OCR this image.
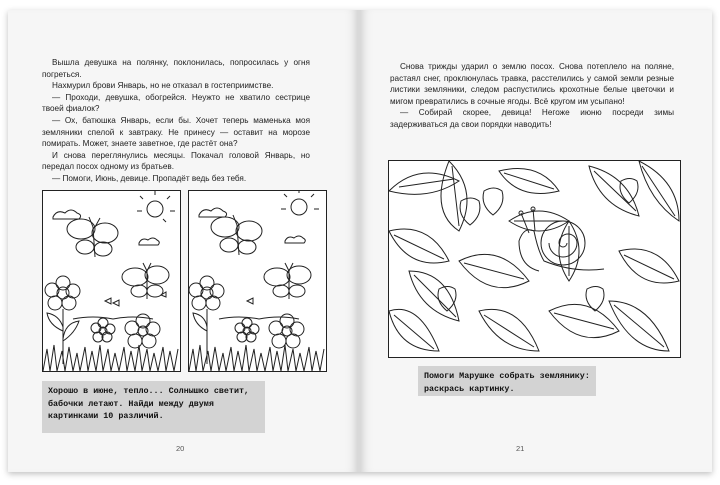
Вышла девушка на полянку, поклонилась, попросилась у огня погреться.

Нахмурил брови Январь, но не отказал в гостеприимстве.

— Проходи, девушка, обогрейся. Неужто не хватило сестрице твоей фиалок?

— Ох, батюшка Январь, если бы. Хочет теперь маменька моя земляники спелой к завтраку. Не принесу — оставит на морозе помирать. Может, знаете заветное, где растёт она?

И снова переглянулись месяцы. Покачал головой Январь, но передал посох одному из братьев.

— Помоги, Июнь, девице. Пропадёт ведь без тебя.

Хорошо в июне, тепло... Солнышко светит, бабочки летают. Найди между двумя картинками 10 различий.
20

Снова трижды ударил о землю посох. Снова потеплело на поляне, растаял снег, проклюнулась травка, расстелились у самой земли резные листики земляники, следом распустились крохотные белые цветочки и мигом превратились в сочные ягоды. Всё кругом им усыпано!

— Собирай скорее, девица! Негоже июню посреди зимы задерживаться да свои порядки наводить!

Помоги Марушке собрать землянику: раскрась картинку.
21
